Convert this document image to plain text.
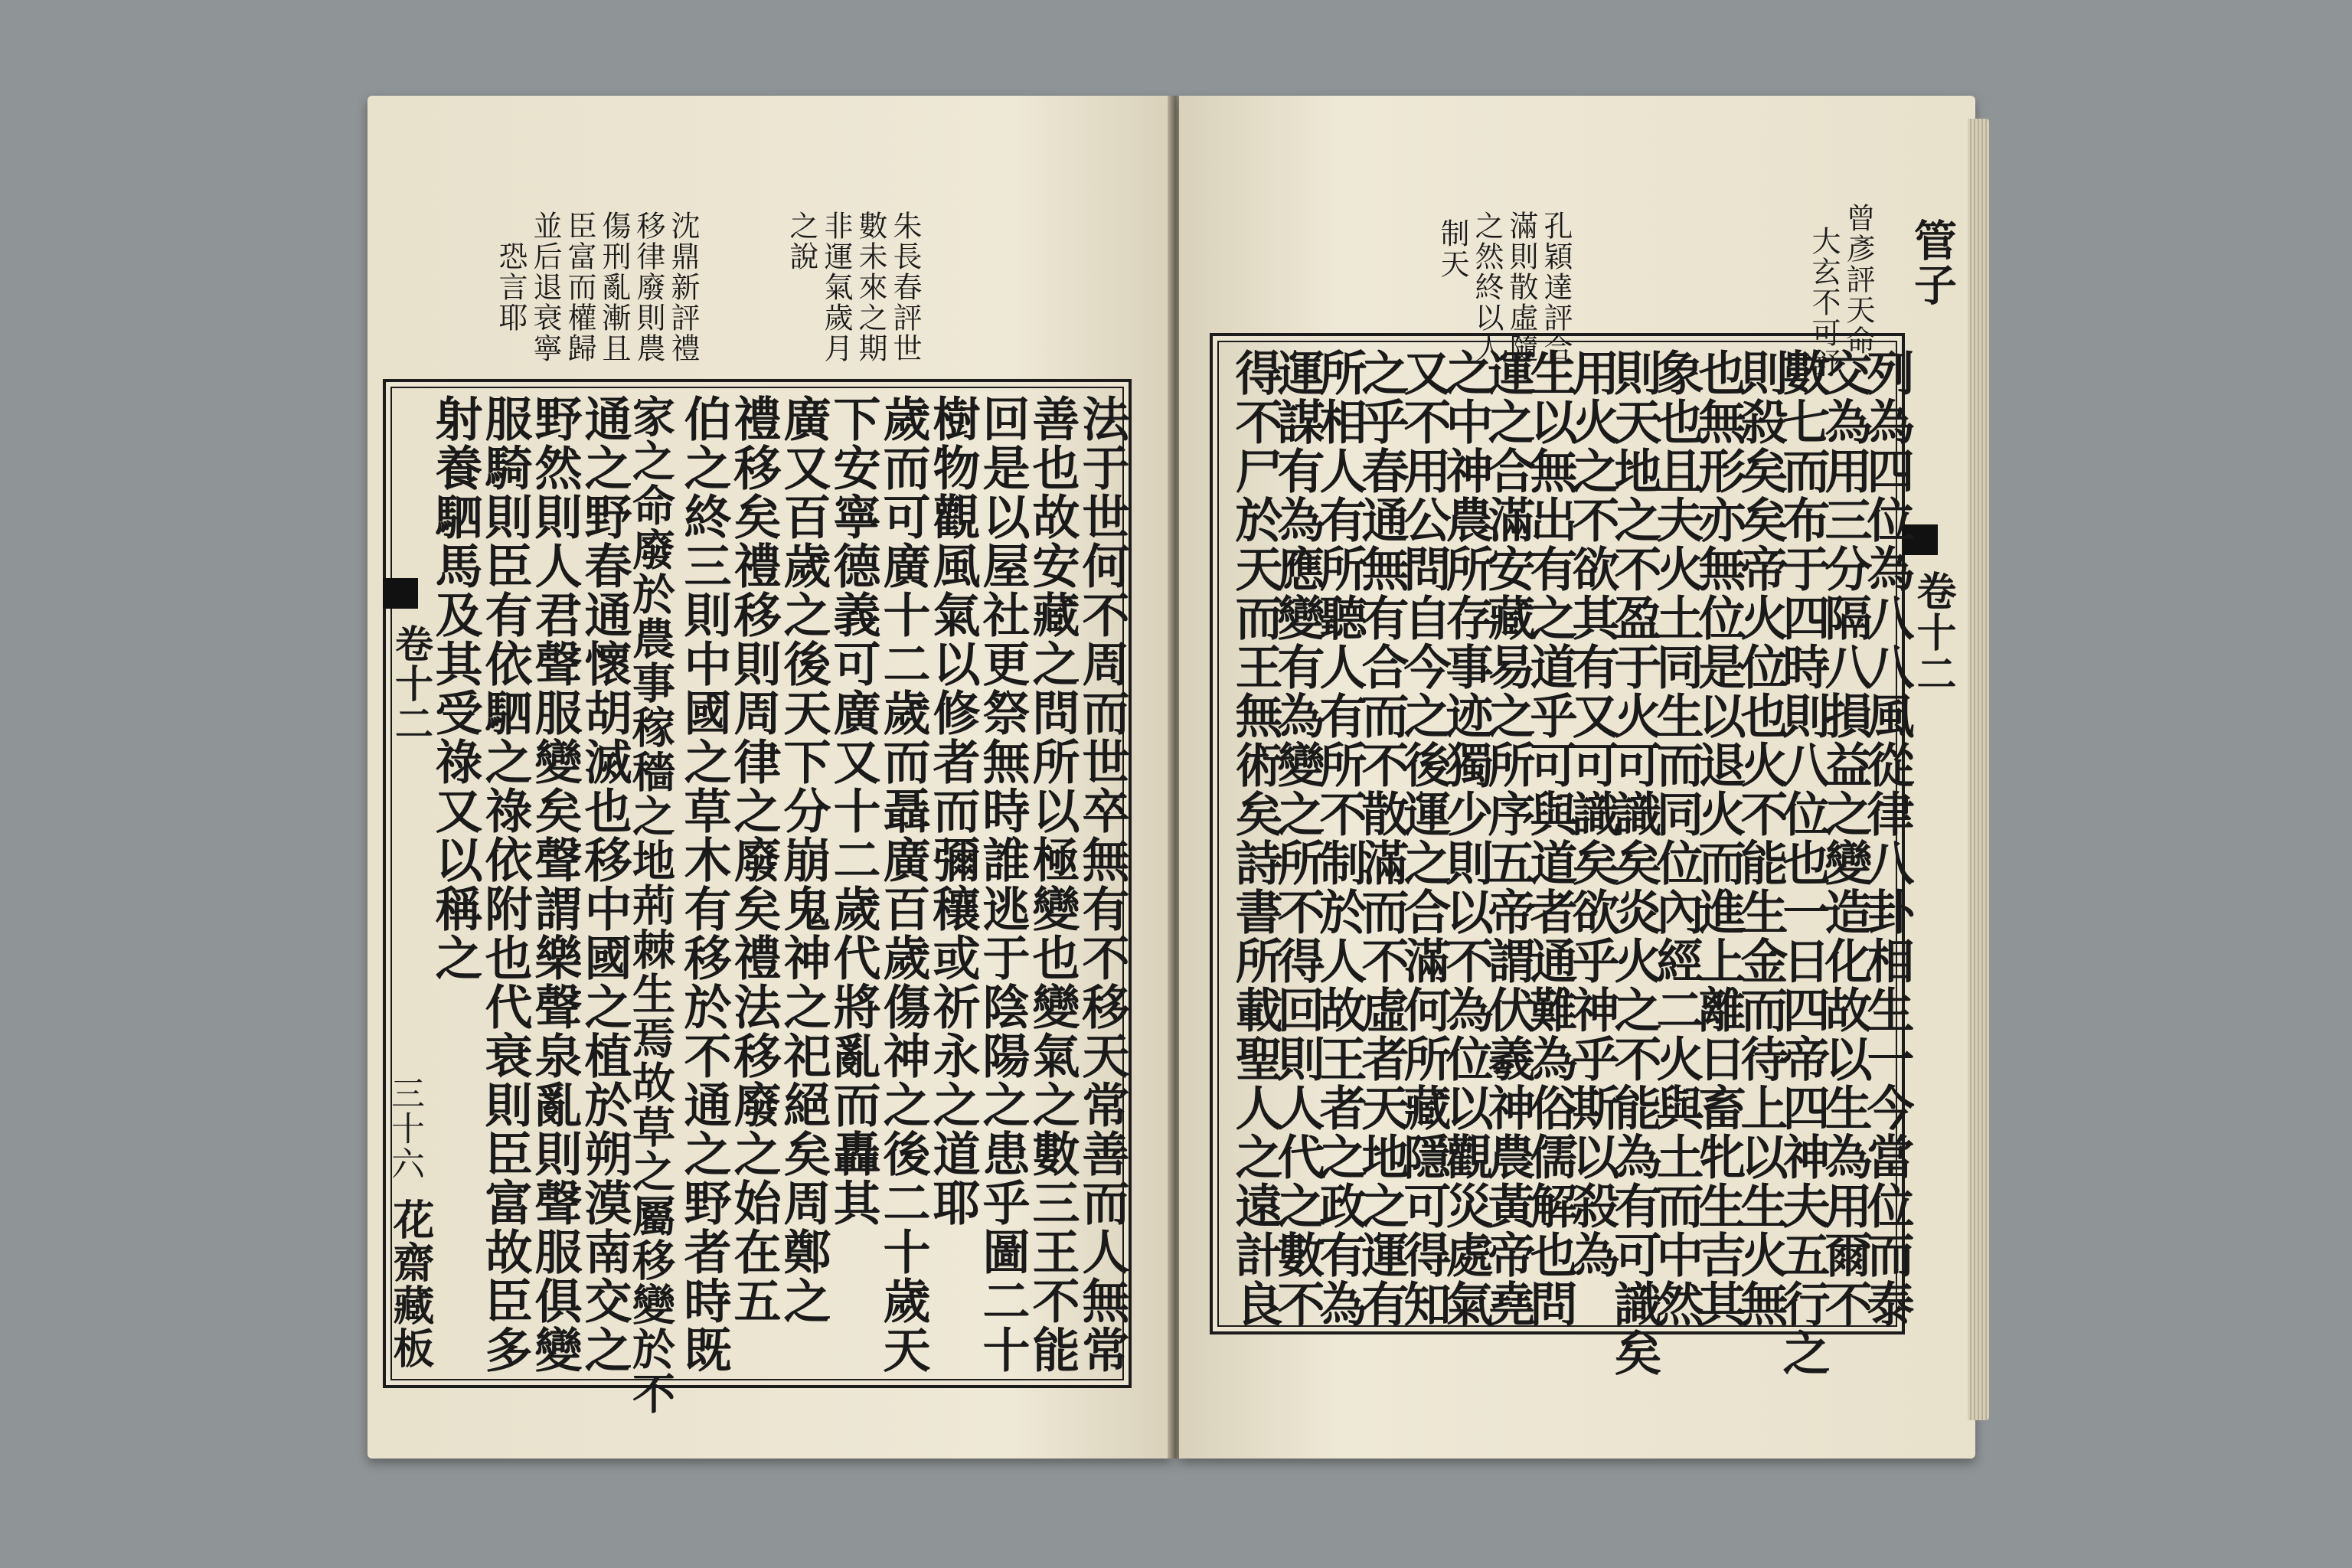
曾彥評天命
大玄不可舒
孔穎達評合
滿則散虛隨
之然終以人
制天	管子
卷十二
列為四位為八八風從律八卦相生一今當位而泰
交為用三分隔八損益之變造化故以生為用爾不
數七而布于四時則八位也一日四帝四神夫五行之
則殺矣矣帝火位也火不能生金而待上以生火無
也無形亦無位是以退火而進上離日畜牝生吉其
象也且夫火土同生而同位內經二火與土而中然
則天地之不盈于火可識矣炎火之不能為有可識矣
用火之不欲其有又可識矣欲乎神乎斯以殺為
生以無出有之道乎可與道者通難為俗儒解也問
運之合滿安藏易之所序五帝謂伏羲神農黃帝堯
之中神農所存事迹獨少則以不為位以觀災處氣
又不用公問自今之後運之合滿何所藏隱可得知
之乎春通無有合而不散滿而不虛者天地之運有
所相人有所聽人有所不制於人故王者之政有為
運謀有為應變有為變之所不得回則人代之數不
得不尸於天而王無術矣詩書所載聖人之遠計良
朱長春評世
數未來之期
非運氣歲月
之說
沈鼎新評禮
移律廢則農
傷刑亂漸且
臣富而權歸
並后退衰寧
恐言耶
法于世何不周而世卒無有不移天常善而人無常
善也故安藏之問所以極變也變氣之數三王不能
回是以屋社更祭無時誰逃于陰陽之患乎圖二十
樹物觀風氣以修者而彌穰或祈永之道耶
歲而可廣十二歲而聶廣百歲傷神之後二十歲天
下安寧德義可廣又十二歲代將亂而轟其
廣又百歲之後天下分崩鬼神之祀絕矣周鄭之
禮移矣禮移則周律之廢矣禮法移廢之始在五
伯之終三則中國之草木有移於不通之野者時既
家之命廢於農事稼穡之地荊棘生焉故草之屬移變於不
通之野春通懷胡滅也移中國之植於朔漠南交之
野然則人君聲服變矣聲謂樂聲泉亂則聲服俱變
服騎則臣有依駟之祿依附也代衰則臣富故臣多
射養駟馬及其受祿又以稱之
卷十二
三十六
花齋藏板
